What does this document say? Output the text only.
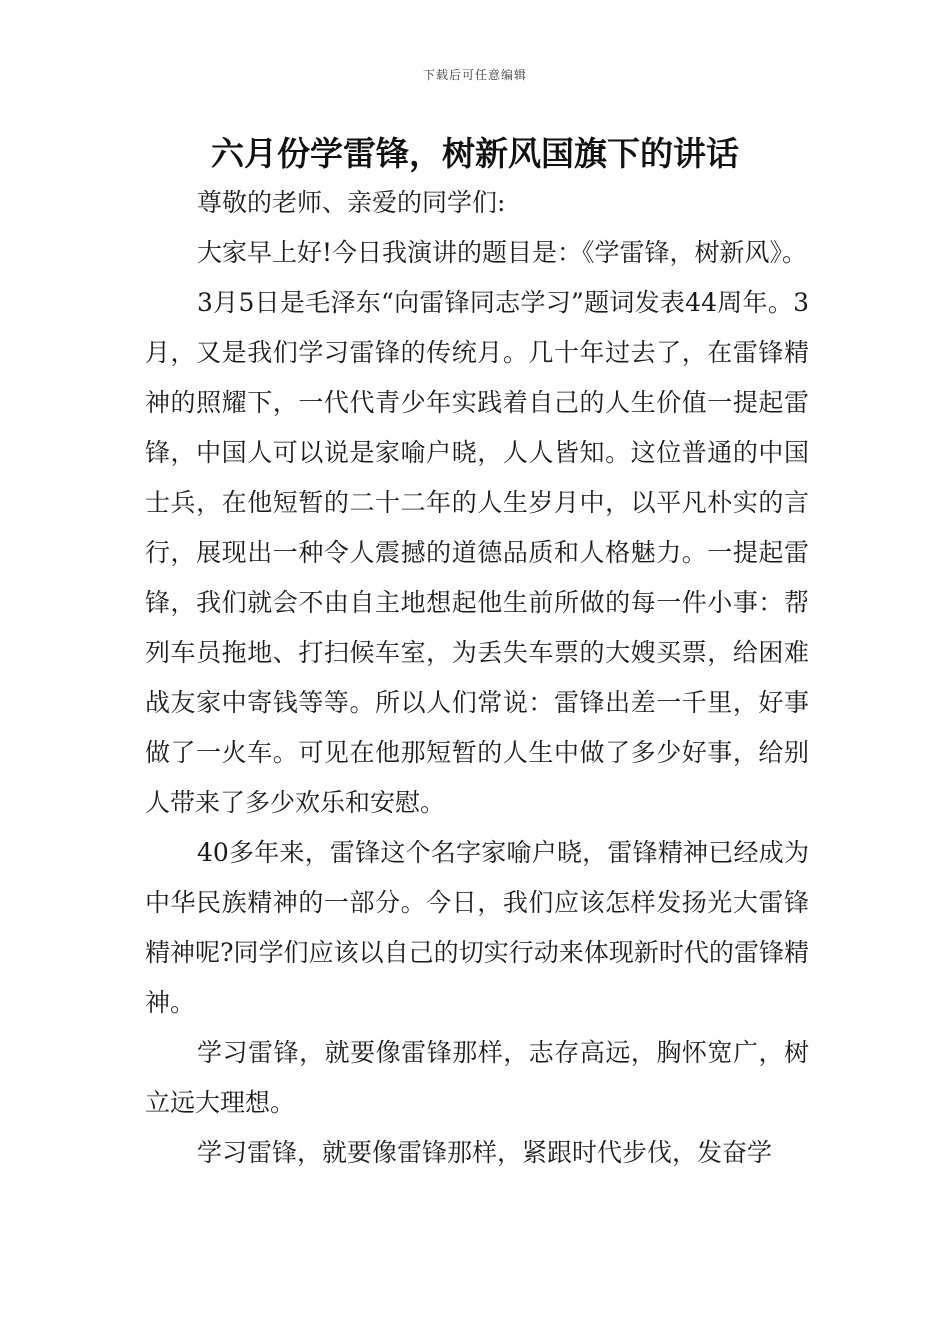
下载后可任意编辑
六月份学雷锋，树新风国旗下的讲话

尊敬的老师、亲爱的同学们:

大家早上好!今日我演讲的题目是：《学雷锋，树新风》。

3月5日是毛泽东“向雷锋同志学习”题词发表44周年。3月，又是我们学习雷锋的传统月。几十年过去了，在雷锋精神的照耀下，一代代青少年实践着自己的人生价值一提起雷锋，中国人可以说是家喻户晓，人人皆知。这位普通的中国士兵，在他短暂的二十二年的人生岁月中，以平凡朴实的言行，展现出一种令人震撼的道德品质和人格魅力。一提起雷锋，我们就会不由自主地想起他生前所做的每一件小事：帮列车员拖地、打扫候车室，为丢失车票的大嫂买票，给困难战友家中寄钱等等。所以人们常说：雷锋出差一千里，好事做了一火车。可见在他那短暂的人生中做了多少好事，给别人带来了多少欢乐和安慰。

40多年来，雷锋这个名字家喻户晓，雷锋精神已经成为中华民族精神的一部分。今日，我们应该怎样发扬光大雷锋精神呢?同学们应该以自己的切实行动来体现新时代的雷锋精神。

学习雷锋，就要像雷锋那样，志存高远，胸怀宽广，树立远大理想。

学习雷锋，就要像雷锋那样，紧跟时代步伐，发奋学
